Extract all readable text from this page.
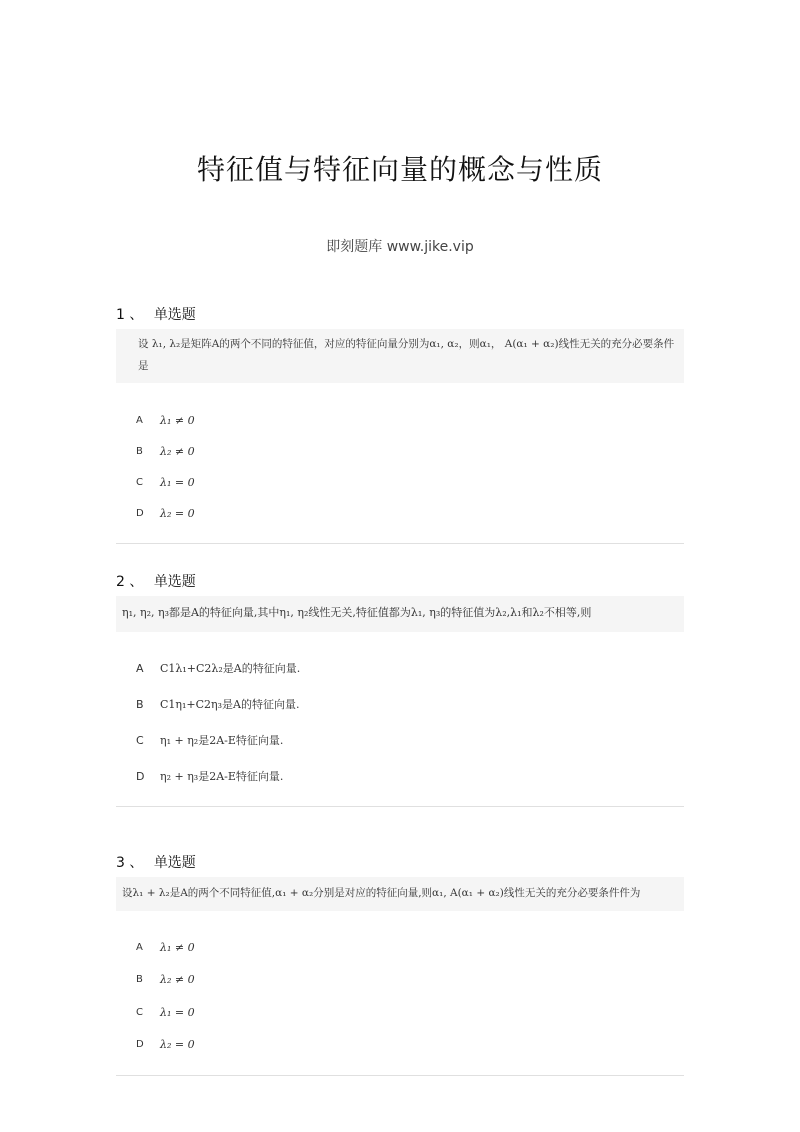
特征值与特征向量的概念与性质
即刻题库 www.jike.vip
1 、 单选题
设 λ₁, λ₂是矩阵A的两个不同的特征值，对应的特征向量分别为α₁, α₂，则α₁， A(α₁ + α₂)线性无关的充分必要条件是
A	λ₁ ≠ 0
B	λ₂ ≠ 0
C	λ₁ = 0
D	λ₂ = 0
2 、 单选题
η₁, η₂, η₃都是A的特征向量,其中η₁, η₂线性无关,特征值都为λ₁, η₃的特征值为λ₂,λ₁和λ₂不相等,则
A	C1λ₁+C2λ₂是A的特征向量.
B	C1η₁+C2η₃是A的特征向量.
C	η₁ + η₂是2A-E特征向量.
D	η₂ + η₃是2A-E特征向量.
3 、 单选题
设λ₁ + λ₂是A的两个不同特征值,α₁ + α₂分别是对应的特征向量,则α₁, A(α₁ + α₂)线性无关的充分必要条件件为
A	λ₁ ≠ 0
B	λ₂ ≠ 0
C	λ₁ = 0
D	λ₂ = 0
